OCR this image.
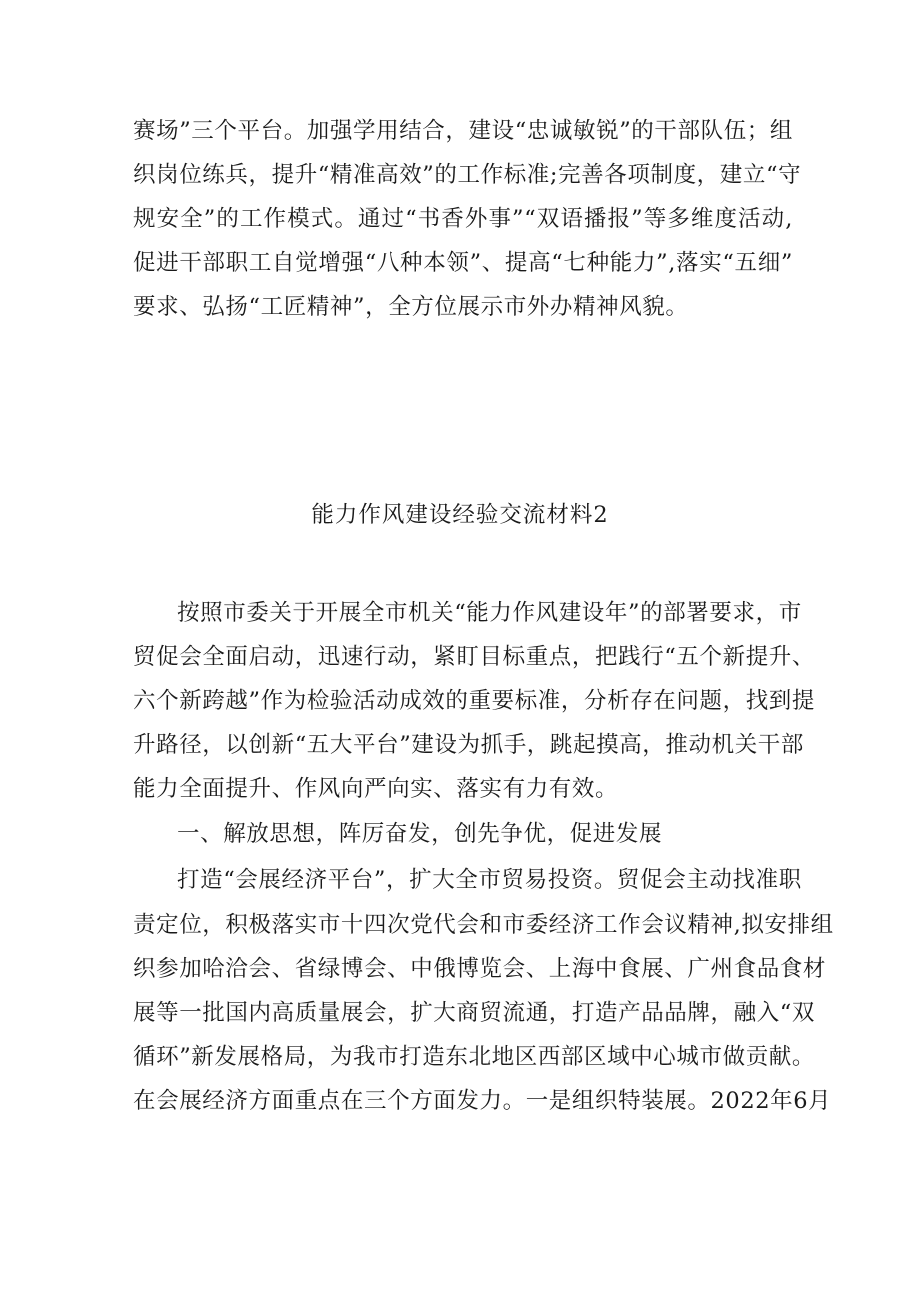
赛场”三个平台。加强学用结合，建设“忠诚敏锐”的干部队伍；组
织岗位练兵，提升“精准高效”的工作标准;完善各项制度，建立“守
规安全”的工作模式。通过“书香外事”“双语播报”等多维度活动,
促进干部职工自觉增强“八种本领”、提高“七种能力”,落实“五细”
要求、弘扬“工匠精神”，全方位展示市外办精神风貌。
能力作风建设经验交流材料2
按照市委关于开展全市机关“能力作风建设年”的部署要求，市
贸促会全面启动，迅速行动，紧盯目标重点，把践行“五个新提升、
六个新跨越”作为检验活动成效的重要标准，分析存在问题，找到提
升路径，以创新“五大平台”建设为抓手，跳起摸高，推动机关干部
能力全面提升、作风向严向实、落实有力有效。
一、解放思想，阵厉奋发，创先争优，促进发展
打造“会展经济平台”，扩大全市贸易投资。贸促会主动找准职
责定位，积极落实市十四次党代会和市委经济工作会议精神,拟安排组
织参加哈洽会、省绿博会、中俄博览会、上海中食展、广州食品食材
展等一批国内高质量展会，扩大商贸流通，打造产品品牌，融入“双
循环”新发展格局，为我市打造东北地区西部区域中心城市做贡献。
在会展经济方面重点在三个方面发力。一是组织特装展。2022年6月
